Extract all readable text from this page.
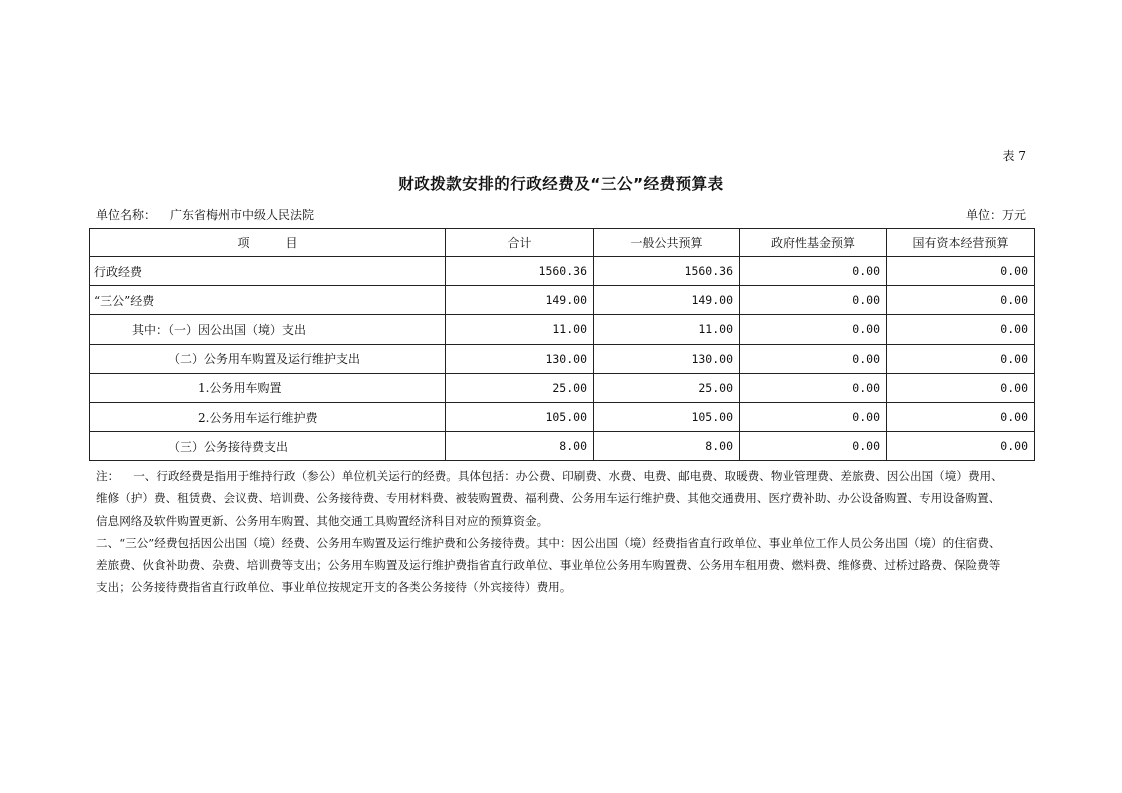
表 7
财政拨款安排的行政经费及“三公”经费预算表
单位名称： 广东省梅州市中级人民法院	单位：万元
项　　　目	合计	一般公共预算	政府性基金预算	国有资本经营预算
行政经费	1560.36	1560.36	0.00	0.00
“三公”经费	149.00	149.00	0.00	0.00
其中：（一）因公出国（境）支出	11.00	11.00	0.00	0.00
（二）公务用车购置及运行维护支出	130.00	130.00	0.00	0.00
1.公务用车购置	25.00	25.00	0.00	0.00
2.公务用车运行维护费	105.00	105.00	0.00	0.00
（三）公务接待费支出	8.00	8.00	0.00	0.00

注： 一、行政经费是指用于维持行政（参公）单位机关运行的经费。具体包括：办公费、印刷费、水费、电费、邮电费、取暖费、物业管理费、差旅费、因公出国（境）费用、

维修（护）费、租赁费、会议费、培训费、公务接待费、专用材料费、被装购置费、福利费、公务用车运行维护费、其他交通费用、医疗费补助、办公设备购置、专用设备购置、

信息网络及软件购置更新、公务用车购置、其他交通工具购置经济科目对应的预算资金。

二、“三公”经费包括因公出国（境）经费、公务用车购置及运行维护费和公务接待费。其中：因公出国（境）经费指省直行政单位、事业单位工作人员公务出国（境）的住宿费、

差旅费、伙食补助费、杂费、培训费等支出；公务用车购置及运行维护费指省直行政单位、事业单位公务用车购置费、公务用车租用费、燃料费、维修费、过桥过路费、保险费等

支出；公务接待费指省直行政单位、事业单位按规定开支的各类公务接待（外宾接待）费用。
